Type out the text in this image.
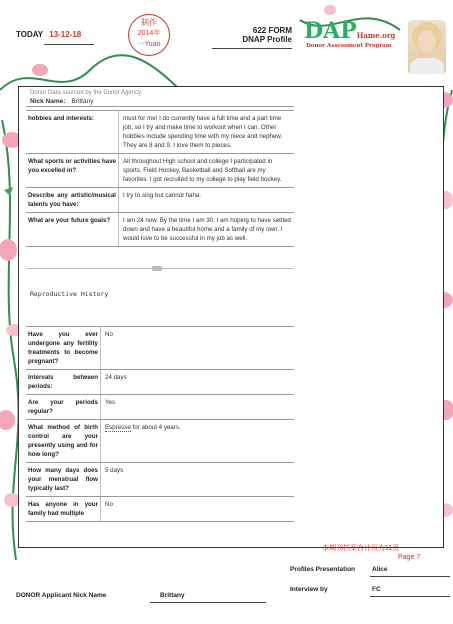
TODAY 13-12-18
制作
2014年
一Yuan
622 FORM
DNAP Profile DAPHame.org
Donor Assessment Program
Donor Data sourced by the Donor Agency
Nick Name: Brittany
hobbies and interests:	must for me! I do currently have a full time and a part time job, so I try and make time to workout when I can. Other hobbies include spending time with my niece and nephew. They are 8 and 9. I love them to pieces.
What sports or activities have you excelled in?	All throughout High school and college I participated in sports. Field Hockey, Basketball and Softball are my favorites. I got recruited to my college to play field hockey.
Describe any artistic/musical talents you have:	I try to sing but cannot haha.
What are your future goals?	I am 24 now. By the time I am 30, I am hoping to have settled down and have a beautiful home and a family of my own. I would love to be successful in my job as well.
Reproductive History
Have you ever undergone any fertility treatments to become pregnant?	No
Intervals between periods:	24 days
Are your periods regular?	Yes
What method of birth control are your presently using and for how long?	Espresse for about 4 years.
How many days does your menstrual flow typically last?	5 days
Has anyone in your family had multiple	No
本期刊档案合计页为11页
Page 7
Profiles Presentation	Alice
Interview by	FC
DONOR Applicant Nick Name	Brittany
